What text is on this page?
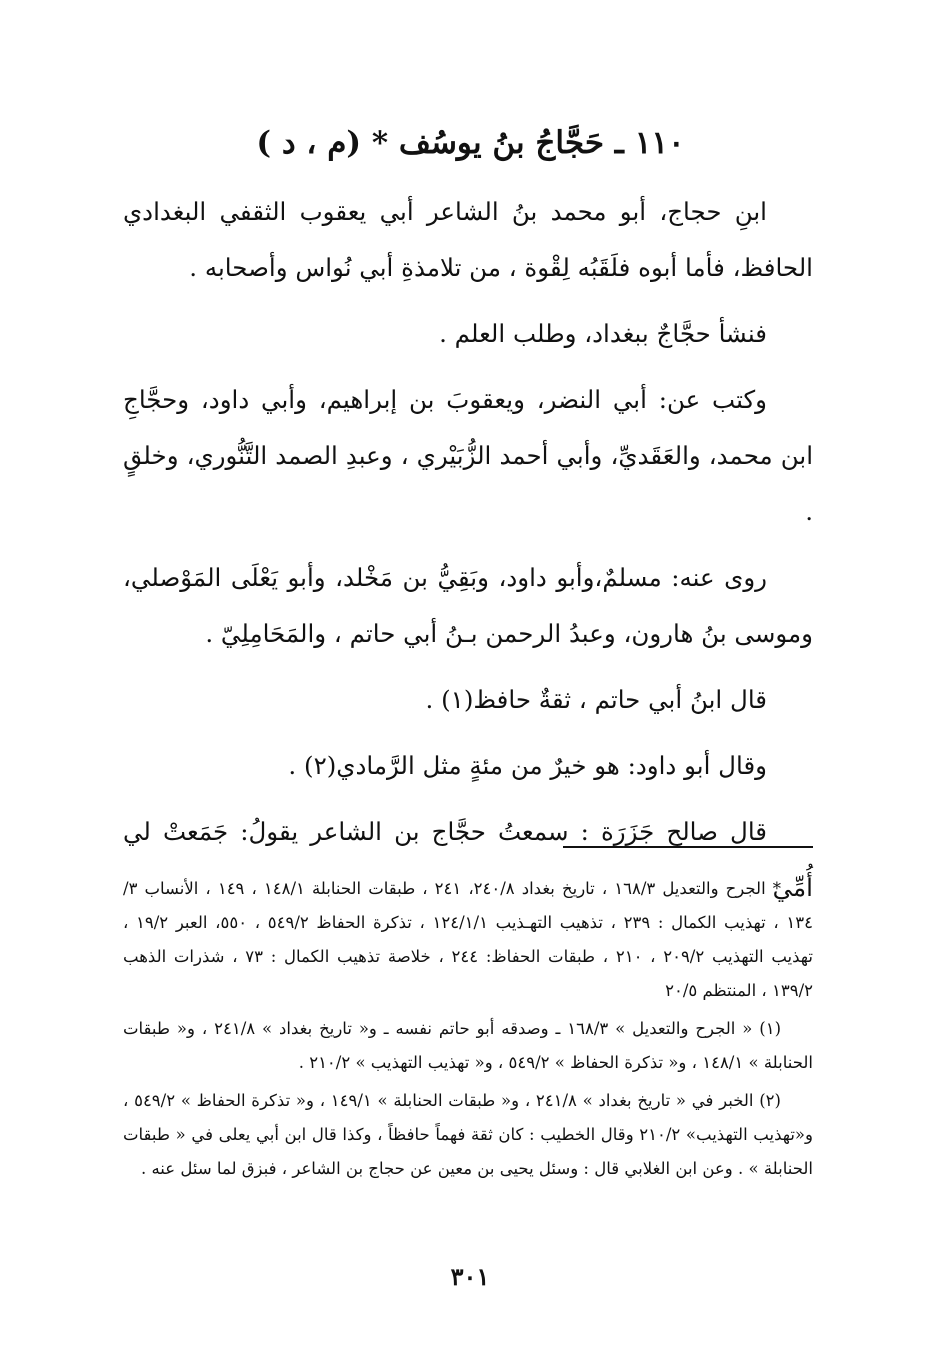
١١٠ ـ حَجَّاجُ بنُ يوسُف * (م ، د )

ابنِ حجاج، أبو محمد بنُ الشاعر أبي يعقوب الثقفي البغدادي الحافظ، فأما أبوه فلَقَبُه لِقْوة ، من تلامذةِ أبي نُواس وأصحابه .

فنشأ حجَّاجٌ ببغداد، وطلب العلم .

وكتب عن: أبي النضر، ويعقوبَ بن إبراهيم، وأبي داود، وحجَّاجِ ابن محمد، والعَقَديِّ، وأبي أحمد الزُّبَيْري ، وعبدِ الصمد التَّنُّوري، وخلقٍ .

روى عنه: مسلمٌ،وأبو داود، وبَقِيُّ بن مَخْلد، وأبو يَعْلَى المَوْصلي، وموسى بنُ هارون، وعبدُ الرحمن بـنُ أبي حاتم ، والمَحَامِلِيّ .

قال ابنُ أبي حاتم ، ثقةٌ حافظ(١) .

وقال أبو داود: هو خيرٌ من مئةٍ مثل الرَّمادي(٢) .

قال صالح جَزَرَة : سمعتُ حجَّاج بن الشاعر يقولُ: جَمَعتْ لي أُمِّي

* الجرح والتعديل ١٦٨/٣ ، تاريخ بغداد ٢٤٠/٨، ٢٤١ ، طبقات الحنابلة ١٤٨/١ ، ١٤٩ ، الأنساب ٣/ ١٣٤ ، تهذيب الكمال : ٢٣٩ ، تذهيب التهـذيب ١٢٤/١/١ ، تذكرة الحفاظ ٥٤٩/٢ ، ٥٥٠، العبر ١٩/٢ ، تهذيب التهذيب ٢٠٩/٢ ، ٢١٠ ، طبقات الحفاظ: ٢٤٤ ، خلاصة تذهيب الكمال : ٧٣ ، شذرات الذهب ١٣٩/٢ ، المنتظم ٢٠/٥

(١) « الجرح والتعديل » ١٦٨/٣ ـ وصدقه أبو حاتم نفسه ـ و« تاريخ بغداد » ٢٤١/٨ ، و« طبقات الحنابلة » ١٤٨/١ ، و« تذكرة الحفاظ » ٥٤٩/٢ ، و« تهذيب التهذيب » ٢١٠/٢ .

(٢) الخبر في « تاريخ بغداد » ٢٤١/٨ ، و« طبقات الحنابلة » ١٤٩/١ ، و« تذكرة الحفاظ » ٥٤٩/٢ ، و«تهذيب التهذيب» ٢١٠/٢ وقال الخطيب : كان ثقة فهماً حافظاً ، وكذا قال ابن أبي يعلى في « طبقات الحنابلة » . وعن ابن الغلابي قال : وسئل يحيى بن معين عن حجاج بن الشاعر ، فبزق لما سئل عنه .

٣٠١
